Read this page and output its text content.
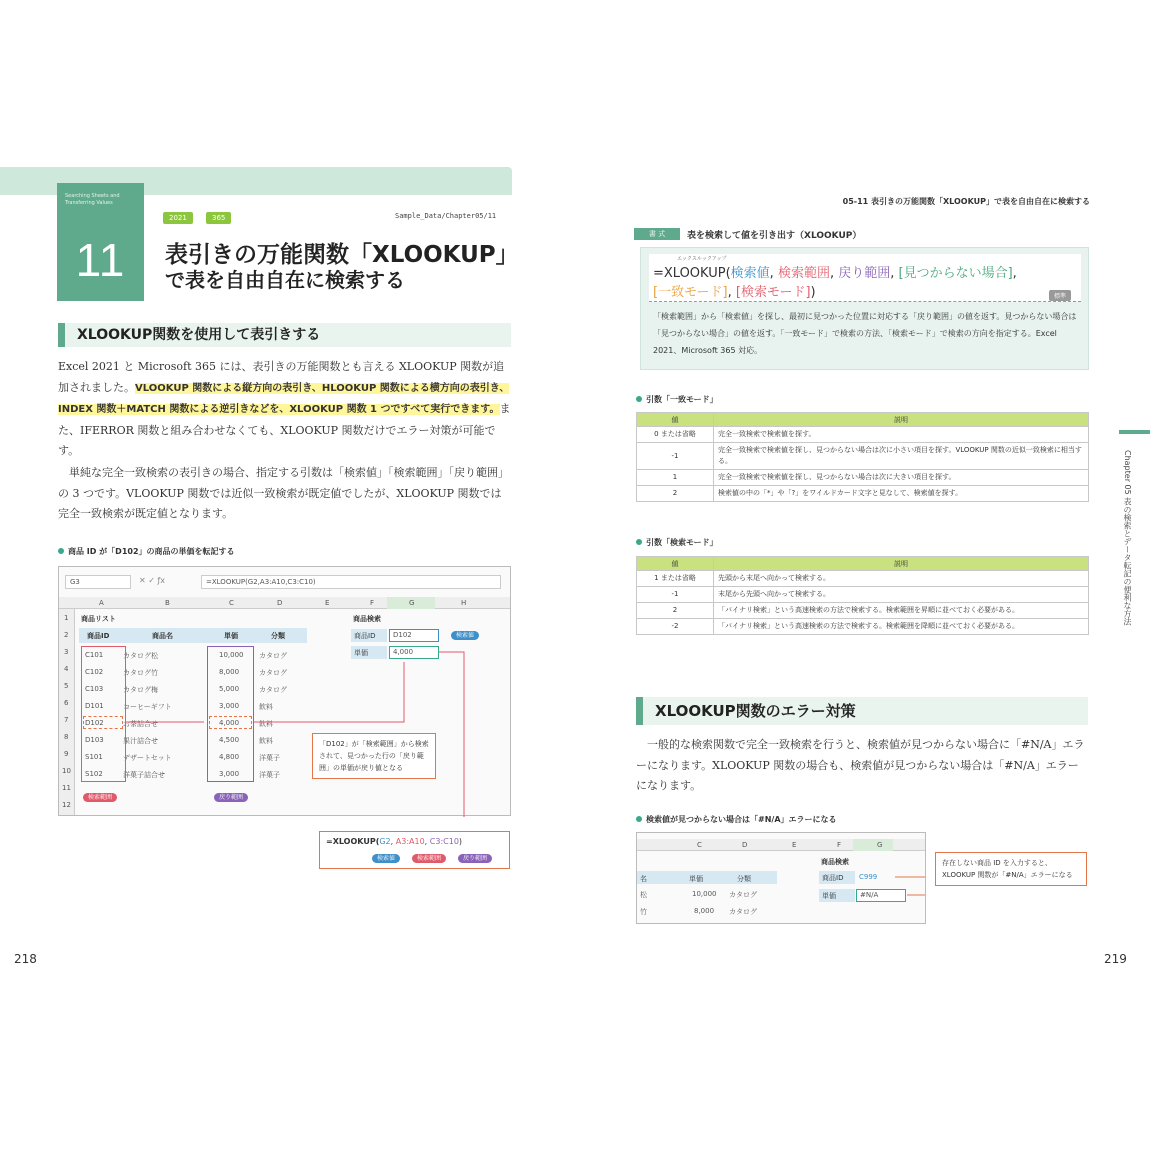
Searching Sheets and Transferring Values
11
2021	365	Sample_Data/Chapter05/11
表引きの万能関数「XLOOKUP」
で表を自由自在に検索する
XLOOKUP関数を使用して表引きする
Excel 2021 と Microsoft 365 には、表引きの万能関数とも言える XLOOKUP 関数が追加されました。VLOOKUP 関数による縦方向の表引き、HLOOKUP 関数による横方向の表引き、INDEX 関数＋MATCH 関数による逆引きなどを、XLOOKUP 関数 1 つですべて実行できます。また、IFERROR 関数と組み合わせなくても、XLOOKUP 関数だけでエラー対策が可能です。
単純な完全一致検索の表引きの場合、指定する引数は「検索値」「検索範囲」「戻り範囲」の 3 つです。VLOOKUP 関数では近似一致検索が既定値でしたが、XLOOKUP 関数では完全一致検索が既定値となります。
商品 ID が「D102」の商品の単価を転記する
G3	✕ ✓ ƒx	=XLOOKUP(G2,A3:A10,C3:C10)
A	B	C	D	E	F	G	H
1
2
3
4
5
6
7
8
9
10
11
12
商品リスト
商品ID	商品名	単価	分類
C101	カタログ松	10,000 カタログ
C102	カタログ竹	8,000	カタログ
C103	カタログ梅	5,000	カタログ
D101	コーヒーギフト	3,000	飲料
D102	お茶詰合せ	4,000	飲料
D103	果汁詰合せ	4,500	飲料
S101	デザートセット	4,800	洋菓子
S102	洋菓子詰合せ	3,000	洋菓子
検索範囲	戻り範囲
商品検索
商品ID	D102	検索値
単価	4,000
「D102」が「検索範囲」から検索されて、見つかった行の「戻り範囲」の単価が戻り値となる
=XLOOKUP(G2, A3:A10, C3:C10)
検索値	検索範囲	戻り範囲
218
05-11 表引きの万能関数「XLOOKUP」で表を自由自在に検索する
書 式	表を検索して値を引き出す（XLOOKUP）
エックスルックアップ
=XLOOKUP(検索値, 検索範囲, 戻り範囲, [見つからない場合],
[一致モード], [検索モード])	標準
「検索範囲」から「検索値」を探し、最初に見つかった位置に対応する「戻り範囲」の値を返す。見つからない場合は「見つからない場合」の値を返す。「一致モード」で検索の方法、「検索モード」で検索の方向を指定する。Excel 2021、Microsoft 365 対応。
引数「一致モード」
値	説明
0 または省略	完全一致検索で検索値を探す。
-1	完全一致検索で検索値を探し、見つからない場合は次に小さい項目を探す。VLOOKUP 関数の近似一致検索に相当する。
1	完全一致検索で検索値を探し、見つからない場合は次に大きい項目を探す。
2	検索値の中の「*」や「?」をワイルドカード文字と見なして、検索値を探す。
引数「検索モード」
値	説明
1 または省略	先頭から末尾へ向かって検索する。
-1	末尾から先頭へ向かって検索する。
2	「バイナリ検索」という高速検索の方法で検索する。検索範囲を昇順に並べておく必要がある。
-2	「バイナリ検索」という高速検索の方法で検索する。検索範囲を降順に並べておく必要がある。
XLOOKUP関数のエラー対策
一般的な検索関数で完全一致検索を行うと、検索値が見つからない場合に「#N/A」エラーになります。XLOOKUP 関数の場合も、検索値が見つからない場合は「#N/A」エラーになります。
検索値が見つからない場合は「#N/A」エラーになる
C	D	E	F	G
商品検索
名	単価	分類
松	10,000 カタログ
竹	8,000 カタログ
商品ID	C999
単価	#N/A
存在しない商品 ID を入力すると、XLOOKUP 関数が「#N/A」エラーになる
Chapter 05 表の検索とデータ転記の便利な方法
219
